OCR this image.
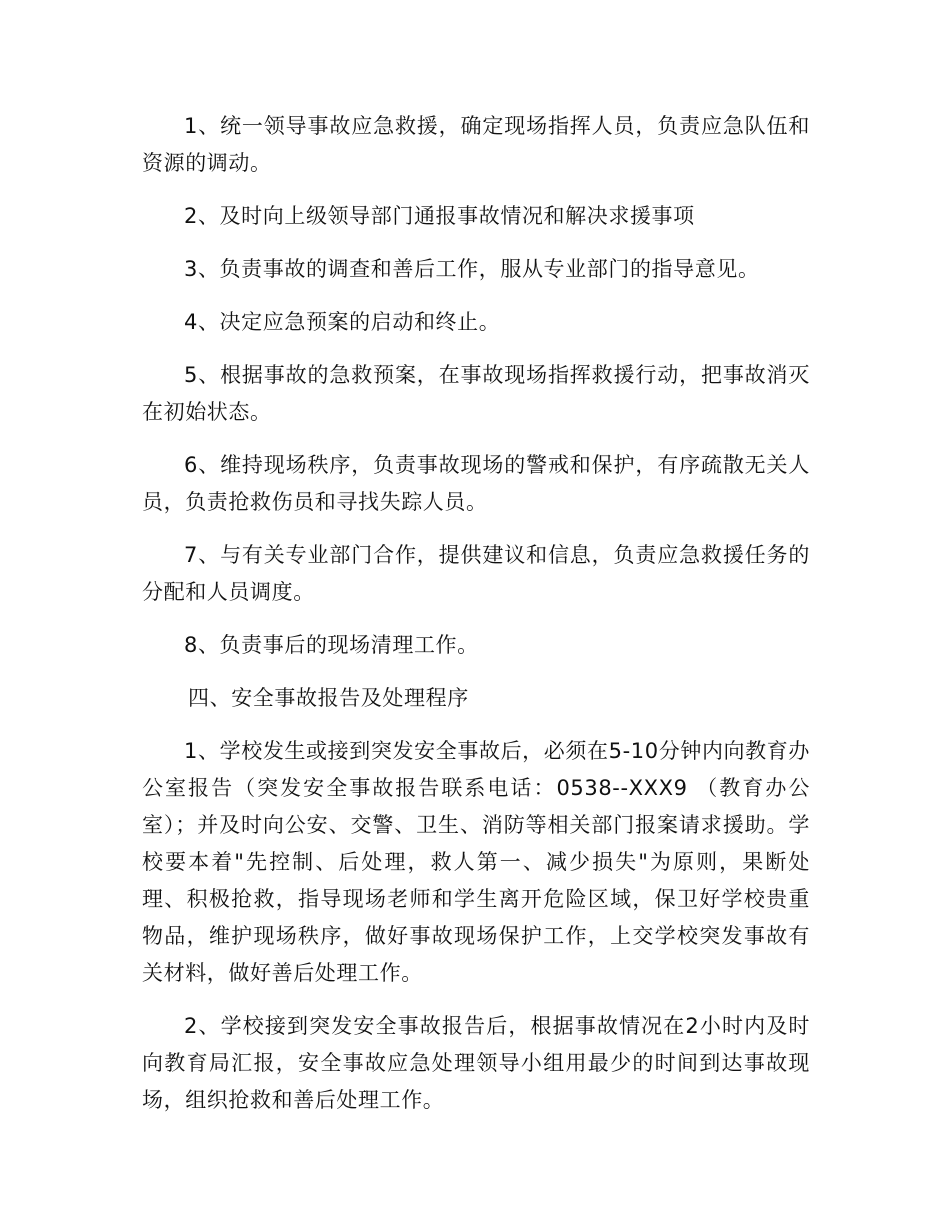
1、统一领导事故应急救援，确定现场指挥人员，负责应急队伍和资源的调动。

2、及时向上级领导部门通报事故情况和解决求援事项

3、负责事故的调查和善后工作，服从专业部门的指导意见。

4、决定应急预案的启动和终止。

5、根据事故的急救预案，在事故现场指挥救援行动，把事故消灭在初始状态。

6、维持现场秩序，负责事故现场的警戒和保护，有序疏散无关人员，负责抢救伤员和寻找失踪人员。

7、与有关专业部门合作，提供建议和信息，负责应急救援任务的分配和人员调度。

8、负责事后的现场清理工作。

四、安全事故报告及处理程序

1、学校发生或接到突发安全事故后，必须在5-10分钟内向教育办公室报告（突发安全事故报告联系电话：0538--XXX9 （教育办公室）；并及时向公安、交警、卫生、消防等相关部门报案请求援助。学校要本着"先控制、后处理，救人第一、减少损失"为原则，果断处理、积极抢救，指导现场老师和学生离开危险区域，保卫好学校贵重物品，维护现场秩序，做好事故现场保护工作，上交学校突发事故有关材料，做好善后处理工作。

2、学校接到突发安全事故报告后，根据事故情况在2小时内及时向教育局汇报，安全事故应急处理领导小组用最少的时间到达事故现场，组织抢救和善后处理工作。
